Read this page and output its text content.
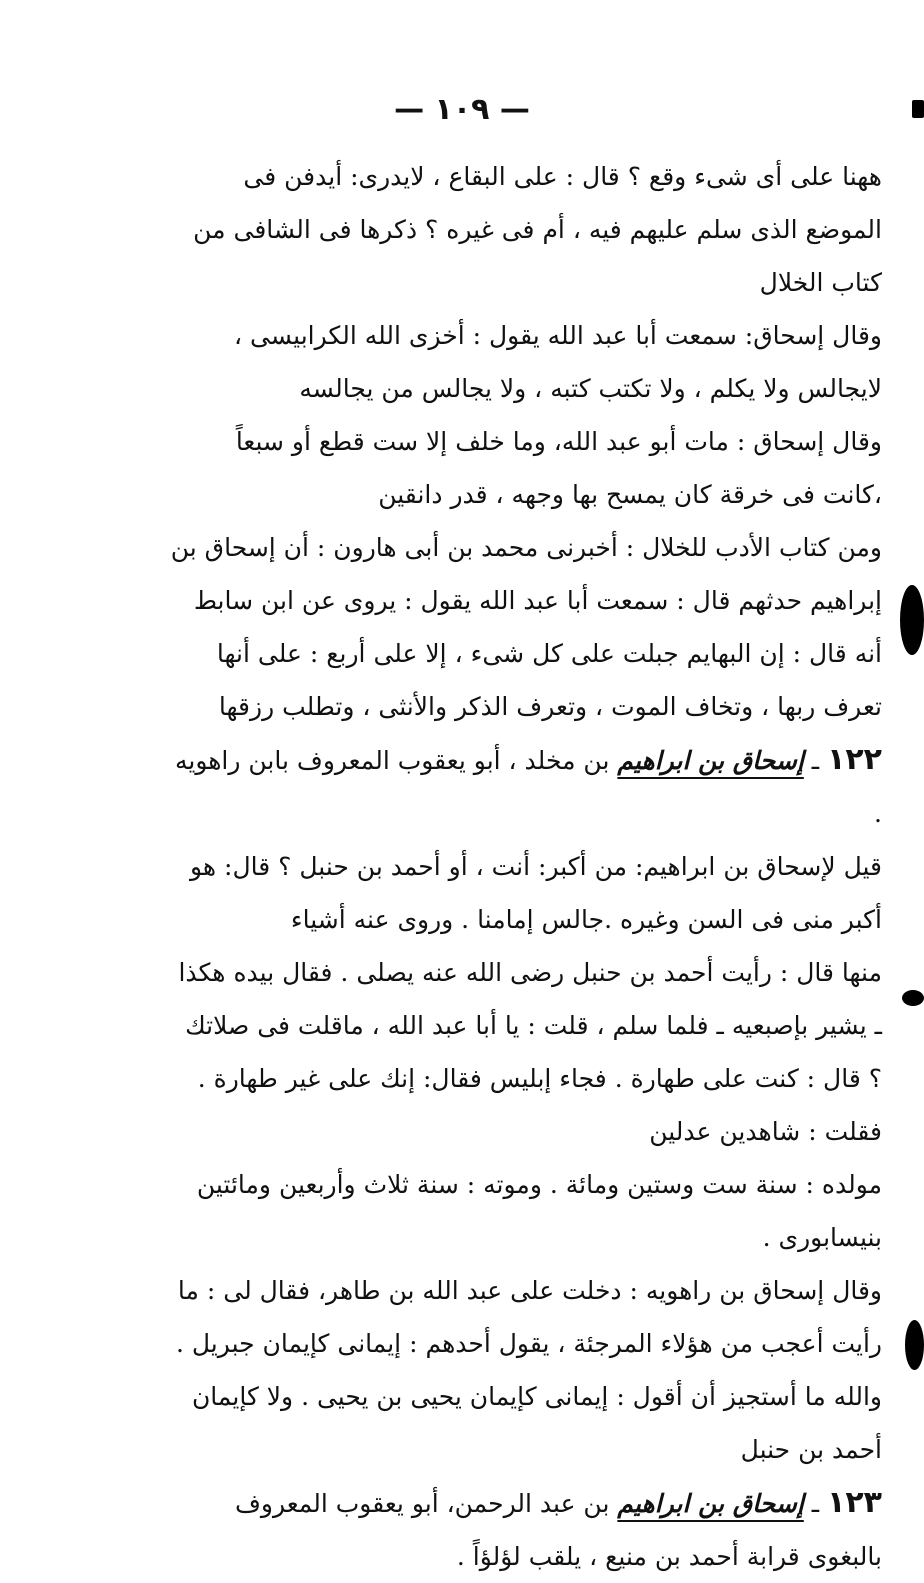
— ١٠٩ —

ههنا على أى شىء وقع ؟ قال : على البقاع ، لايدرى: أيدفن فى الموضع الذى سلم عليهم فيه ، أم فى غيره ؟ ذكرها فى الشافى من كتاب الخلال

وقال إسحاق: سمعت أبا عبد الله يقول : أخزى الله الكرابيسى ، لايجالس ولا يكلم ، ولا تكتب كتبه ، ولا يجالس من يجالسه

وقال إسحاق : مات أبو عبد الله، وما خلف إلا ست قطع أو سبعاً ،كانت فى خرقة كان يمسح بها وجهه ، قدر دانقين

ومن كتاب الأدب للخلال : أخبرنى محمد بن أبى هارون : أن إسحاق بن إبراهيم حدثهم قال : سمعت أبا عبد الله يقول : يروى عن ابن سابط أنه قال : إن البهايم جبلت على كل شىء ، إلا على أربع : على أنها تعرف ربها ، وتخاف الموت ، وتعرف الذكر والأنثى ، وتطلب رزقها

١٢٢ ـ إسحاق بن ابراهيم بن مخلد ، أبو يعقوب المعروف بابن راهويه .

قيل لإسحاق بن ابراهيم: من أكبر: أنت ، أو أحمد بن حنبل ؟ قال: هو أكبر منى فى السن وغيره .جالس إمامنا . وروى عنه أشياء

منها قال : رأيت أحمد بن حنبل رضى الله عنه يصلى . فقال بيده هكذا ـ يشير بإصبعيه ـ فلما سلم ، قلت : يا أبا عبد الله ، ماقلت فى صلاتك ؟ قال : كنت على طهارة . فجاء إبليس فقال: إنك على غير طهارة . فقلت : شاهدين عدلين

مولده : سنة ست وستين ومائة . وموته : سنة ثلاث وأربعين ومائتين بنيسابورى .

وقال إسحاق بن راهويه : دخلت على عبد الله بن طاهر، فقال لى : ما رأيت أعجب من هؤلاء المرجئة ، يقول أحدهم : إيمانى كإيمان جبريل . والله ما أستجيز أن أقول : إيمانى كإيمان يحيى بن يحيى . ولا كإيمان أحمد بن حنبل

١٢٣ ـ إسحاق بن ابراهيم بن عبد الرحمن، أبو يعقوب المعروف بالبغوى قرابة أحمد بن منيع ، يلقب لؤلؤاً .
